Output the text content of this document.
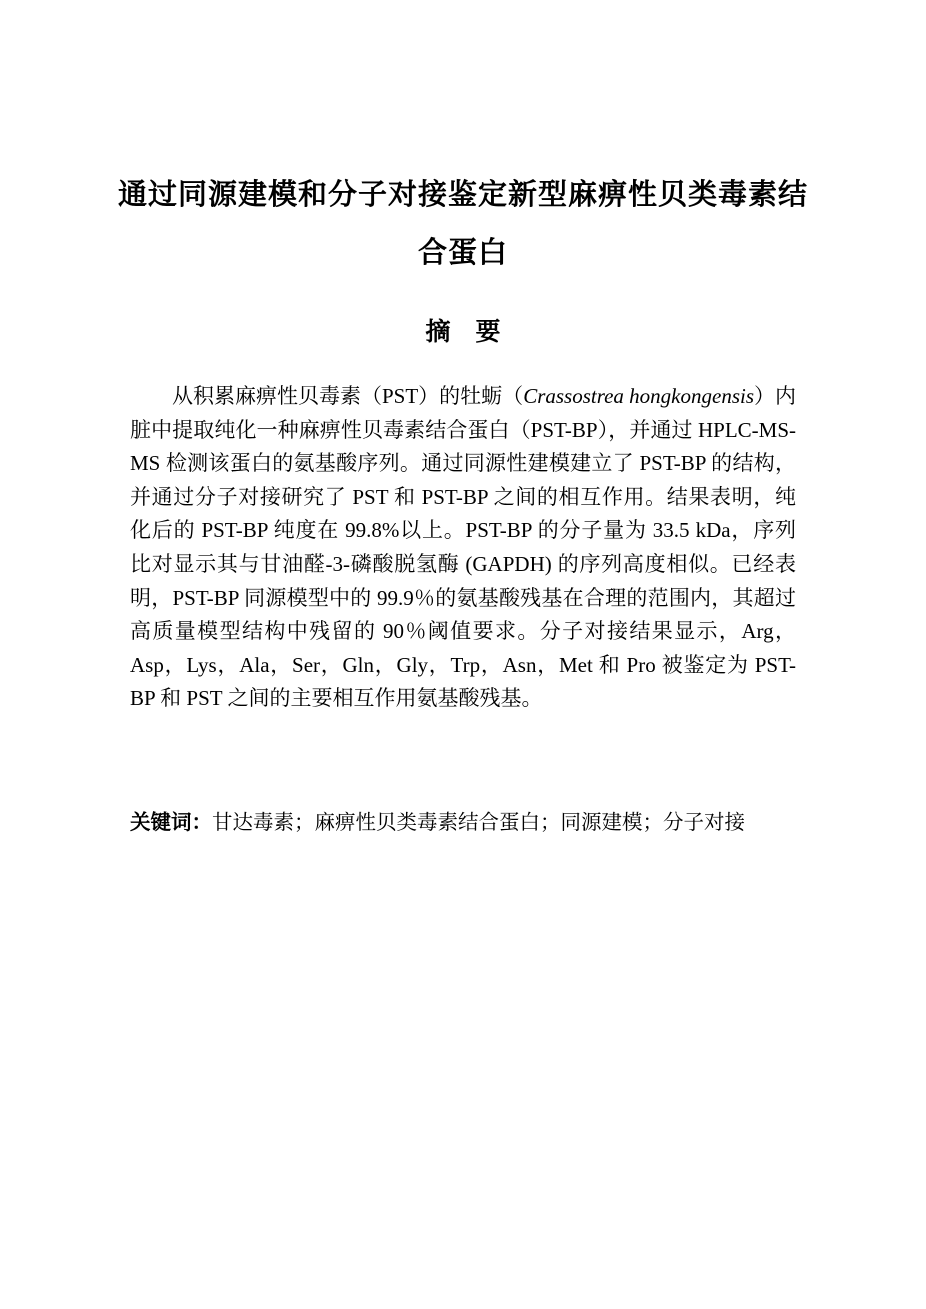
通过同源建模和分子对接鉴定新型麻痹性贝类毒素结合蛋白
摘　要

从积累麻痹性贝毒素（PST）的牡蛎（Crassostrea hongkongensis）内脏中提取纯化一种麻痹性贝毒素结合蛋白（PST-BP），并通过 HPLC-MS-MS 检测该蛋白的氨基酸序列。通过同源性建模建立了 PST-BP 的结构，并通过分子对接研究了 PST 和 PST-BP 之间的相互作用。结果表明，纯化后的 PST-BP 纯度在 99.8%以上。PST-BP 的分子量为 33.5 kDa，序列比对显示其与甘油醛-3-磷酸脱氢酶 (GAPDH) 的序列高度相似。已经表明，PST-BP 同源模型中的 99.9％的氨基酸残基在合理的范围内，其超过高质量模型结构中残留的 90％阈值要求。分子对接结果显示，Arg，Asp，Lys，Ala，Ser，Gln，Gly，Trp，Asn，Met 和 Pro 被鉴定为 PST-BP 和 PST 之间的主要相互作用氨基酸残基。

关键词：甘达毒素；麻痹性贝类毒素结合蛋白；同源建模；分子对接
